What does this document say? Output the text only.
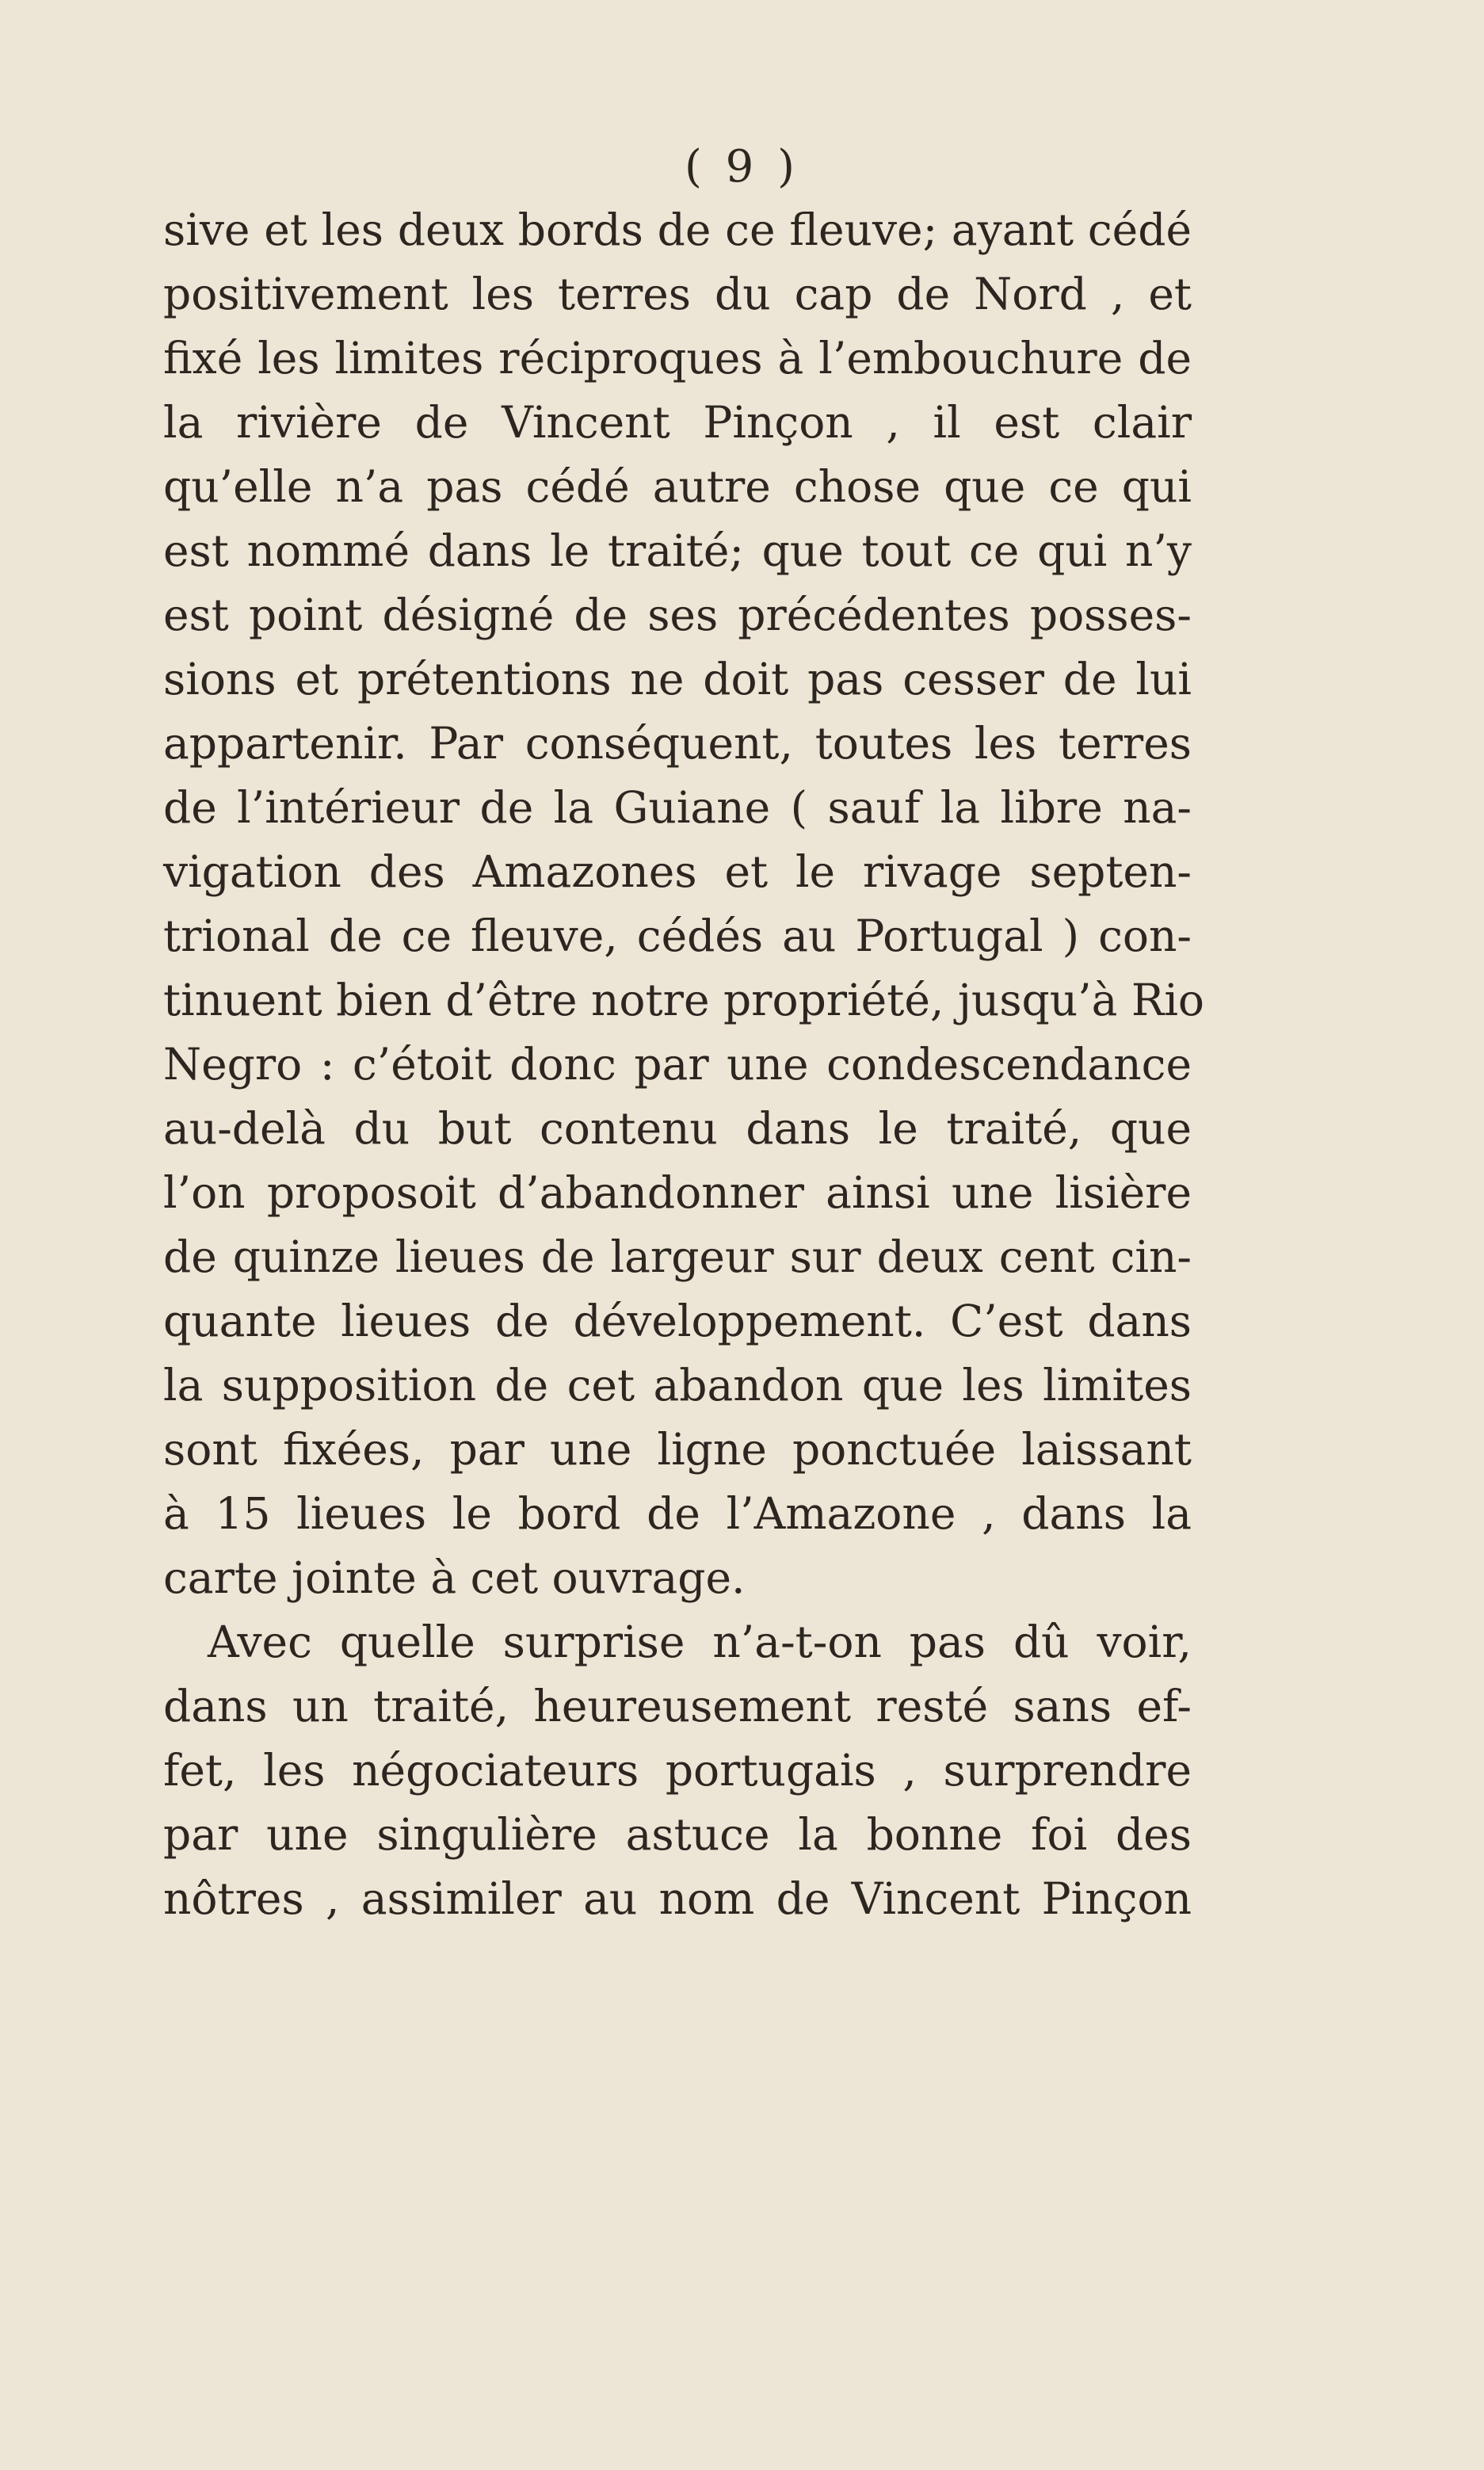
( 9 )
sive et les deux bords de ce fleuve; ayant cédé
positivement les terres du cap de Nord , et
fixé les limites réciproques à l’embouchure de
la rivière de Vincent Pinçon , il est clair
qu’elle n’a pas cédé autre chose que ce qui
est nommé dans le traité; que tout ce qui n’y
est point désigné de ses précédentes posses-
sions et prétentions ne doit pas cesser de lui
appartenir. Par conséquent, toutes les terres
de l’intérieur de la Guiane ( sauf la libre na-
vigation des Amazones et le rivage septen-
trional de ce fleuve, cédés au Portugal ) con-
tinuent bien d’être notre propriété, jusqu’à Rio
Negro : c’étoit donc par une condescendance
au-delà du but contenu dans le traité, que
l’on proposoit d’abandonner ainsi une lisière
de quinze lieues de largeur sur deux cent cin-
quante lieues de développement. C’est dans
la supposition de cet abandon que les limites
sont fixées, par une ligne ponctuée laissant
à 15 lieues le bord de l’Amazone , dans la
carte jointe à cet ouvrage.
Avec quelle surprise n’a-t-on pas dû voir,
dans un traité, heureusement resté sans ef-
fet, les négociateurs portugais , surprendre
par une singulière astuce la bonne foi des
nôtres , assimiler au nom de Vincent Pinçon
